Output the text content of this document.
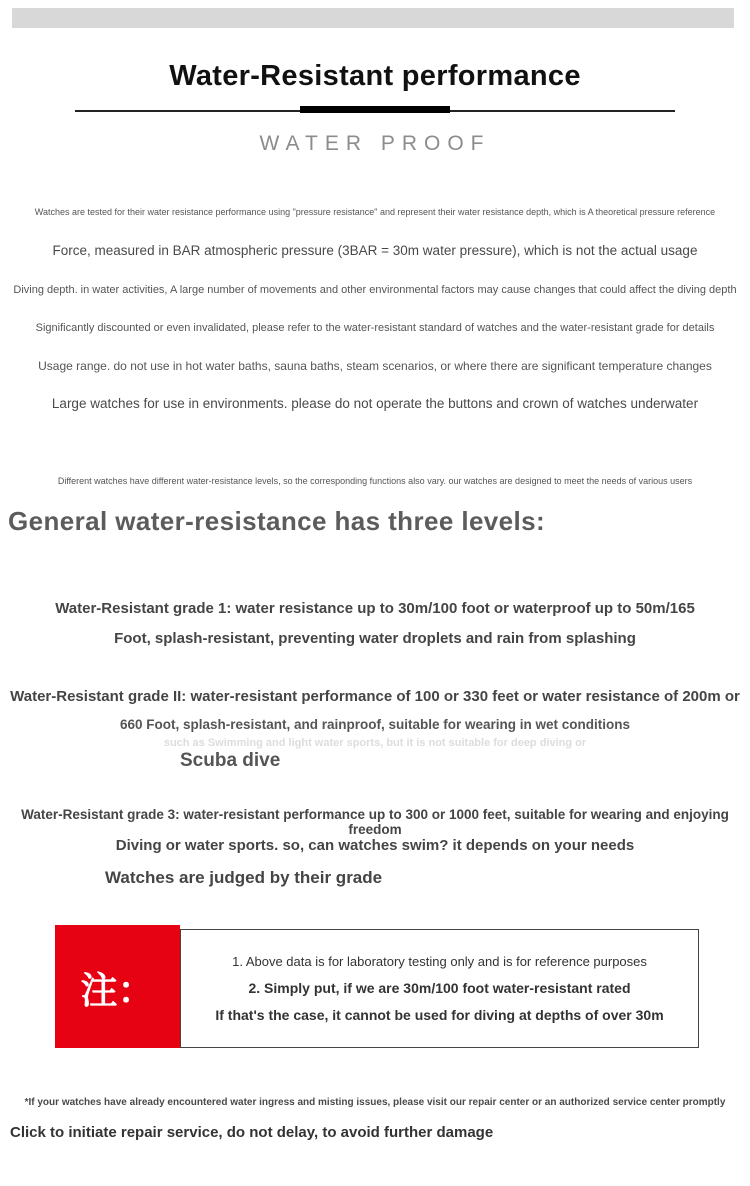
Water-Resistant performance
WATER PROOF
Watches are tested for their water resistance performance using "pressure resistance" and represent their water resistance depth, which is A theoretical pressure reference
Force, measured in BAR atmospheric pressure (3BAR = 30m water pressure), which is not the actual usage
Diving depth. in water activities, A large number of movements and other environmental factors may cause changes that could affect the diving depth
Significantly discounted or even invalidated, please refer to the water-resistant standard of watches and the water-resistant grade for details
Usage range. do not use in hot water baths, sauna baths, steam scenarios, or where there are significant temperature changes
Large watches for use in environments. please do not operate the buttons and crown of watches underwater
Different watches have different water-resistance levels, so the corresponding functions also vary. our watches are designed to meet the needs of various users
General water-resistance has three levels:
Water-Resistant grade 1: water resistance up to 30m/100 foot or waterproof up to 50m/165
Foot, splash-resistant, preventing water droplets and rain from splashing
Water-Resistant grade II: water-resistant performance of 100 or 330 feet or water resistance of 200m or
660 Foot, splash-resistant, and rainproof, suitable for wearing in wet conditions
such as Swimming and light water sports, but it is not suitable for deep diving or
Scuba dive
Water-Resistant grade 3: water-resistant performance up to 300 or 1000 feet, suitable for wearing and enjoying freedom
Diving or water sports. so, can watches swim? it depends on your needs
Watches are judged by their grade
注：
1. Above data is for laboratory testing only and is for reference purposes
2. Simply put, if we are 30m/100 foot water-resistant rated
If that's the case, it cannot be used for diving at depths of over 30m
*If your watches have already encountered water ingress and misting issues, please visit our repair center or an authorized service center promptly
Click to initiate repair service, do not delay, to avoid further damage
